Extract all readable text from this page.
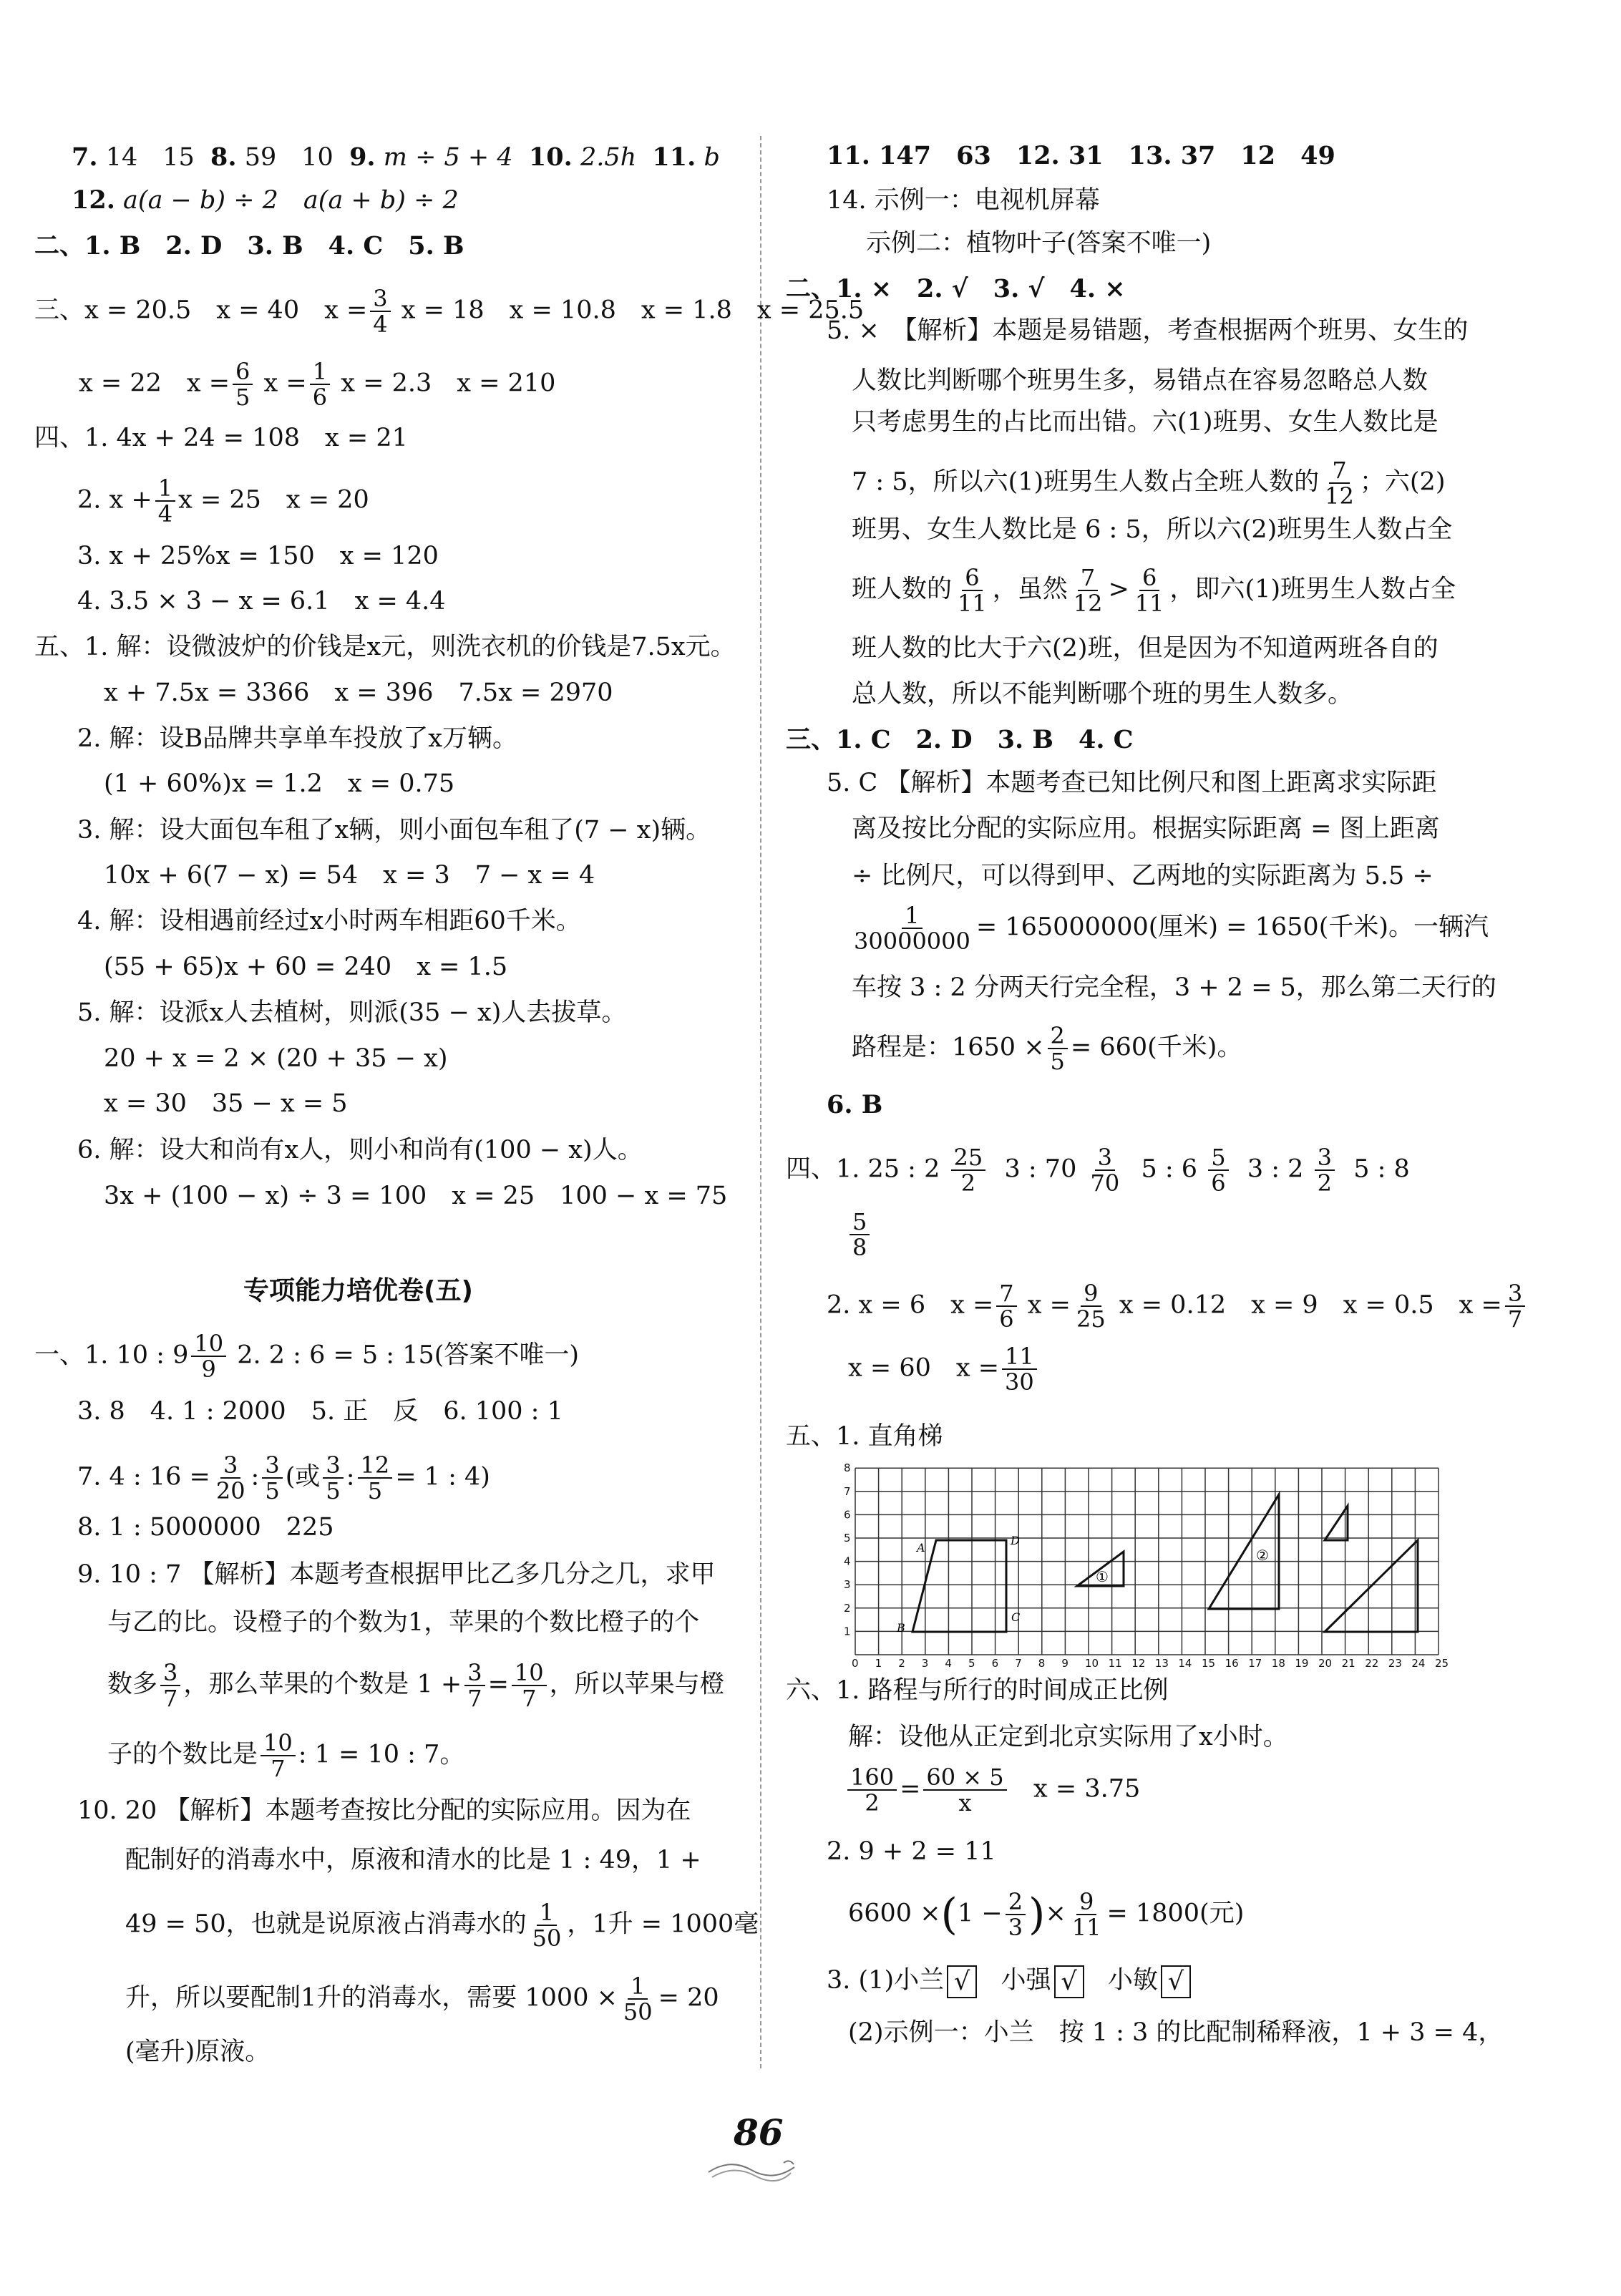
7. 14　15 8. 59　10 9. m ÷ 5 + 4 10. 2.5h 11. b
12. a(a − b) ÷ 2　a(a + b) ÷ 2
二、1. B　2. D　3. B　4. C　5. B
三、x = 20.5　x = 40　$x = \frac{3}{4}$ x = 18　x = 10.8　x = 1.8　x = 25.5
x = 22　$x = \frac{6}{5}$ $x = \frac{1}{6}$ x = 2.3　x = 210
四、1. 4x + 24 = 108　x = 21
2. $x + \frac{1}{4}$ x = 25　x = 20
3. x + 25%x = 150　x = 120
4. 3.5 × 3 − x = 6.1　x = 4.4
五、1. 解：设微波炉的价钱是x元，则洗衣机的价钱是7.5x元。
x + 7.5x = 3366　x = 396　7.5x = 2970
2. 解：设B品牌共享单车投放了x万辆。
(1 + 60%)x = 1.2　x = 0.75
3. 解：设大面包车租了x辆，则小面包车租了(7 − x)辆。
10x + 6(7 − x) = 54　x = 3　7 − x = 4
4. 解：设相遇前经过x小时两车相距60千米。
(55 + 65)x + 60 = 240　x = 1.5
5. 解：设派x人去植树，则派(35 − x)人去拔草。
20 + x = 2 × (20 + 35 − x)
x = 30　35 − x = 5
6. 解：设大和尚有x人，则小和尚有(100 − x)人。
3x + (100 − x) ÷ 3 = 100　x = 25　100 − x = 75
专项能力培优卷(五)
一、1. 10 : $9 \frac{10}{9} 2$. 2 : 6 = 5 : 15(答案不唯一)
3. 8　4. 1 : 2000　5. 正　反　6. 100 : 1
7. 4 : $16 = \frac{3}{20}$ : $\frac{3}{5}$ (或 $\frac{3}{5}$ : $\frac{12}{5} = 1$ : 4)
8. 1 : 5000000　225
9. 10 : 7 【解析】本题考查根据甲比乙多几分之几，求甲
与乙的比。设橙子的个数为1，苹果的个数比橙子的个
数多 $\frac{3}{7}$ ，那么苹果的个数是 $1 + \frac{3}{7} = \frac{10}{7}$ ，所以苹果与橙
子的个数比是 $\frac{10}{7}$ : 1 = 10 : 7。
10. 20 【解析】本题考查按比分配的实际应用。因为在
配制好的消毒水中，原液和清水的比是 1 : 49，1 +
49 = 50，也就是说原液占消毒水的 $\frac{1}{50}$ ，1升 = 1000毫
升，所以要配制1升的消毒水，需要 $1000 \times \frac{1}{50} = 20$
(毫升)原液。
11. 147　63　12. 31　13. 37　12　49
14. 示例一：电视机屏幕
示例二：植物叶子(答案不唯一)
二、1. ×　2. √　3. √　4. ×
5. ×　【解析】本题是易错题，考查根据两个班男、女生的
人数比判断哪个班男生多，易错点在容易忽略总人数
只考虑男生的占比而出错。六(1)班男、女生人数比是
7 : 5，所以六(1)班男生人数占全班人数的 $\frac{7}{12}$ ；六(2)
班男、女生人数比是 6 : 5，所以六(2)班男生人数占全
班人数的 $\frac{6}{11}$ ，虽然 $\frac{7}{12} > \frac{6}{11}$ ，即六(1)班男生人数占全
班人数的比大于六(2)班，但是因为不知道两班各自的
总人数，所以不能判断哪个班的男生人数多。
三、1. C　2. D　3. B　4. C
5. C 【解析】本题考查已知比例尺和图上距离求实际距
离及按比分配的实际应用。根据实际距离 = 图上距离
÷ 比例尺，可以得到甲、乙两地的实际距离为 5.5 ÷
$\frac{1}{30000000} = 165000000$(厘米) = 1650(千米)。一辆汽
车按 3 : 2 分两天行完全程，3 + 2 = 5，那么第二天行的
路程是：$1650 \times \frac{2}{5} = 660$(千米)。
6. B
四、1. 25 : $2 \frac{25}{2} 3$ : $70 \frac{3}{70} 5$ : $6 \frac{5}{6} 3$ : $2 \frac{3}{2} 5$ : 8
$\frac{5}{8}$
2. x = 6　$x = \frac{7}{6}$ $x = \frac{9}{25}$ x = 0.12　x = 9　x = 0.5　$x = \frac{3}{7}$
x = 60　$x = \frac{11}{30}$
五、1. 直角梯
0 1 2 3 4 5 6 7 8 9 10 11 12 13 14 15 16 17 18 19 20 21 22 23 24 25
1
2
3
4
5
6
7
8
A
B
C
D
①
②
六、1. 路程与所行的时间成正比例
解：设他从正定到北京实际用了x小时。
$\frac{160}{2} = \frac{60 \times 5}{x}$ x = 3.75
2. 9 + 2 = 11
$6600 \times(1 - \frac{2}{3}$ )× $\frac{9}{11} = 1800$(元)
3. (1)小兰 √ 小强 √ 小敏 √
(2)示例一：小兰　按 1 : 3 的比配制稀释液，1 + 3 = 4，
86
